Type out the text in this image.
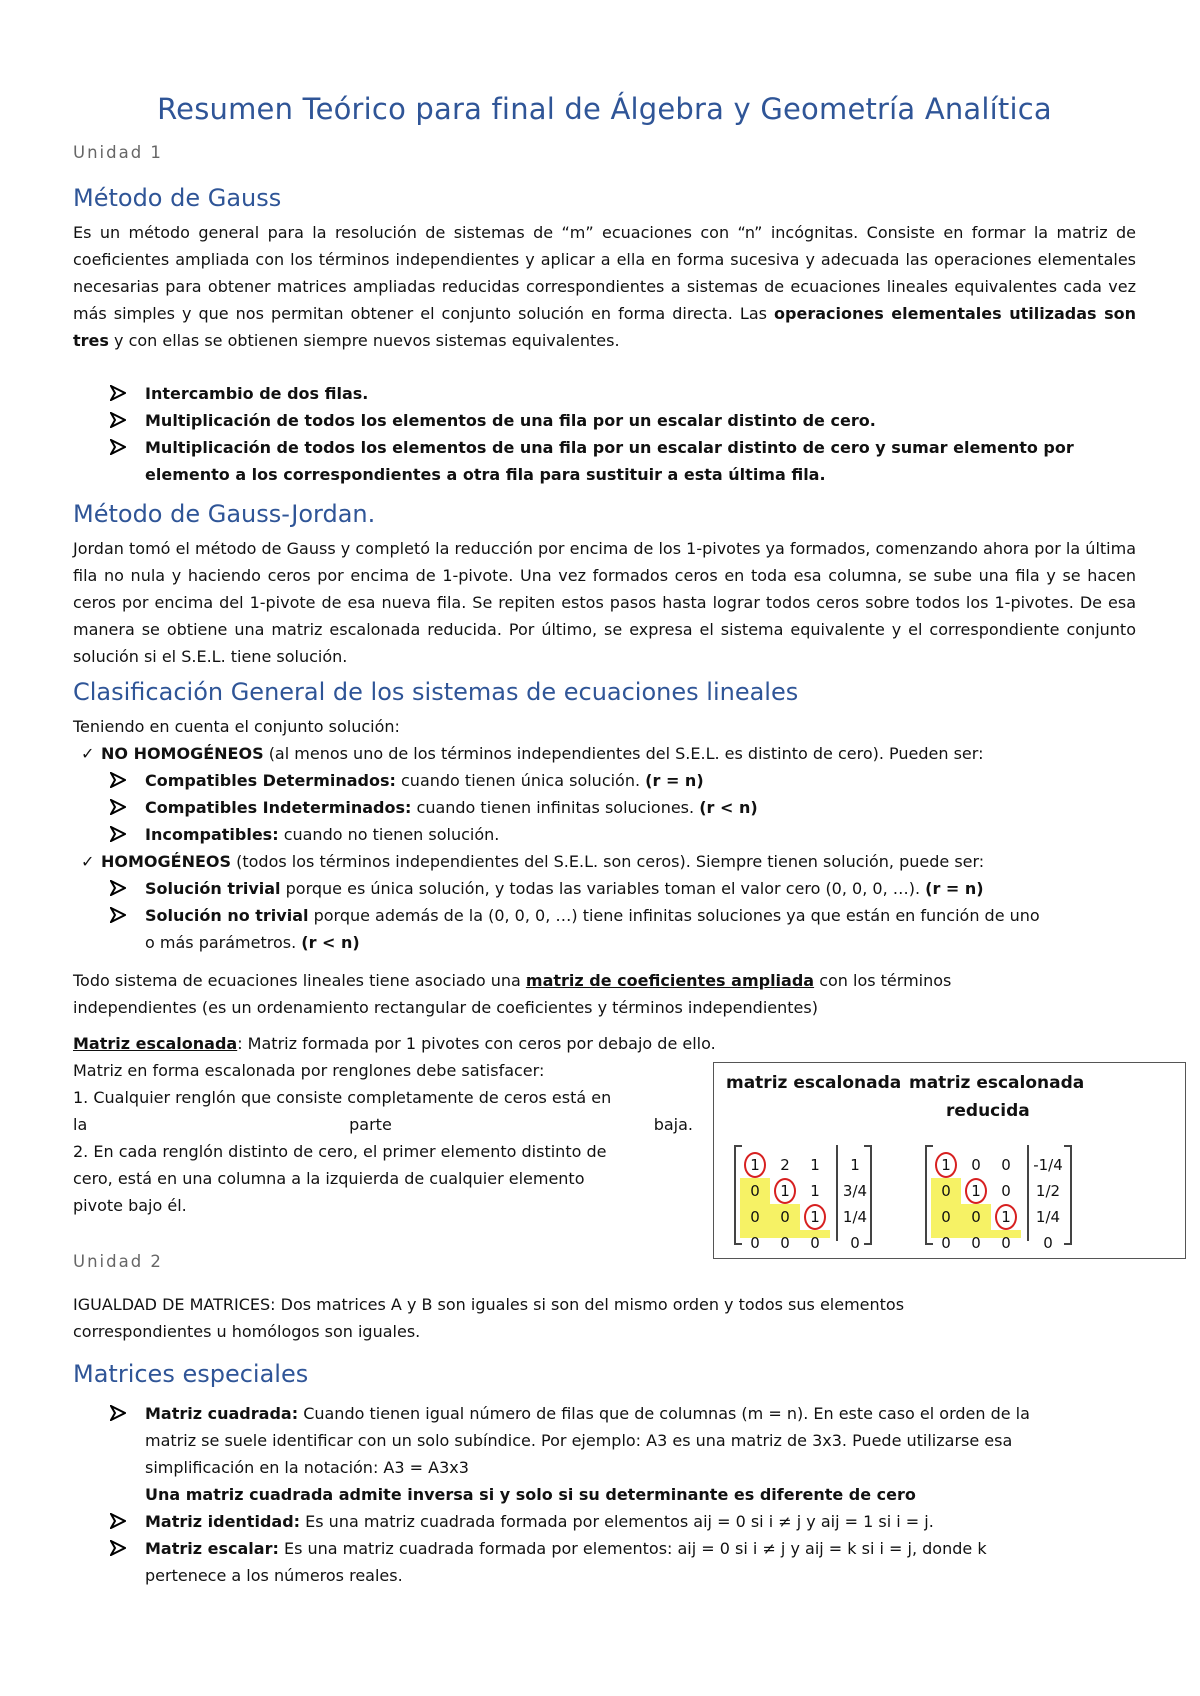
Resumen Teórico para final de Álgebra y Geometría Analítica
Unidad 1
Método de Gauss
Es un método general para la resolución de sistemas de “m” ecuaciones con “n” incógnitas. Consiste en formar la matriz de coeficientes ampliada con los términos independientes y aplicar a ella en forma sucesiva y adecuada las operaciones elementales necesarias para obtener matrices ampliadas reducidas correspondientes a sistemas de ecuaciones lineales equivalentes cada vez más simples y que nos permitan obtener el conjunto solución en forma directa. Las operaciones elementales utilizadas son tres y con ellas se obtienen siempre nuevos sistemas equivalentes.
Intercambio de dos filas.
Multiplicación de todos los elementos de una fila por un escalar distinto de cero.
Multiplicación de todos los elementos de una fila por un escalar distinto de cero y sumar elemento por
elemento a los correspondientes a otra fila para sustituir a esta última fila.
Método de Gauss-Jordan.
Jordan tomó el método de Gauss y completó la reducción por encima de los 1-pivotes ya formados, comenzando ahora por la última fila no nula y haciendo ceros por encima de 1-pivote. Una vez formados ceros en toda esa columna, se sube una fila y se hacen ceros por encima del 1-pivote de esa nueva fila. Se repiten estos pasos hasta lograr todos ceros sobre todos los 1-pivotes. De esa manera se obtiene una matriz escalonada reducida. Por último, se expresa el sistema equivalente y el correspondiente conjunto solución si el S.E.L. tiene solución.
Clasificación General de los sistemas de ecuaciones lineales
Teniendo en cuenta el conjunto solución:
✓ NO HOMOGÉNEOS (al menos uno de los términos independientes del S.E.L. es distinto de cero). Pueden ser:
Compatibles Determinados: cuando tienen única solución. (r = n)
Compatibles Indeterminados: cuando tienen infinitas soluciones. (r < n)
Incompatibles: cuando no tienen solución.
✓ HOMOGÉNEOS (todos los términos independientes del S.E.L. son ceros). Siempre tienen solución, puede ser:
Solución trivial porque es única solución, y todas las variables toman el valor cero (0, 0, 0, …). (r = n)
Solución no trivial porque además de la (0, 0, 0, …) tiene infinitas soluciones ya que están en función de uno
o más parámetros. (r < n)
Todo sistema de ecuaciones lineales tiene asociado una matriz de coeficientes ampliada con los términos
independientes (es un ordenamiento rectangular de coeficientes y términos independientes)
Matriz escalonada: Matriz formada por 1 pivotes con ceros por debajo de ello.
Matriz en forma escalonada por renglones debe satisfacer:
1. Cualquier renglón que consiste completamente de ceros está en
la	parte	baja.
2. En cada renglón distinto de cero, el primer elemento distinto de
cero, está en una columna a la izquierda de cualquier elemento
pivote bajo él.
matriz escalonada matriz escalonada
reducida
1	2	1	1
0	1	1	3/4
0	0	1	1/4
0	0	0	0
1	0	0	-1/4
0	1	0	1/2
0	0	1	1/4
0	0	0	0
Unidad 2
IGUALDAD DE MATRICES: Dos matrices A y B son iguales si son del mismo orden y todos sus elementos
correspondientes u homólogos son iguales.
Matrices especiales
Matriz cuadrada: Cuando tienen igual número de filas que de columnas (m = n). En este caso el orden de la
matriz se suele identificar con un solo subíndice. Por ejemplo: A3 es una matriz de 3x3. Puede utilizarse esa
simplificación en la notación: A3 = A3x3
Una matriz cuadrada admite inversa si y solo si su determinante es diferente de cero
Matriz identidad: Es una matriz cuadrada formada por elementos aij = 0 si i ≠ j y aij = 1 si i = j.
Matriz escalar: Es una matriz cuadrada formada por elementos: aij = 0 si i ≠ j y aij = k si i = j, donde k
pertenece a los números reales.
